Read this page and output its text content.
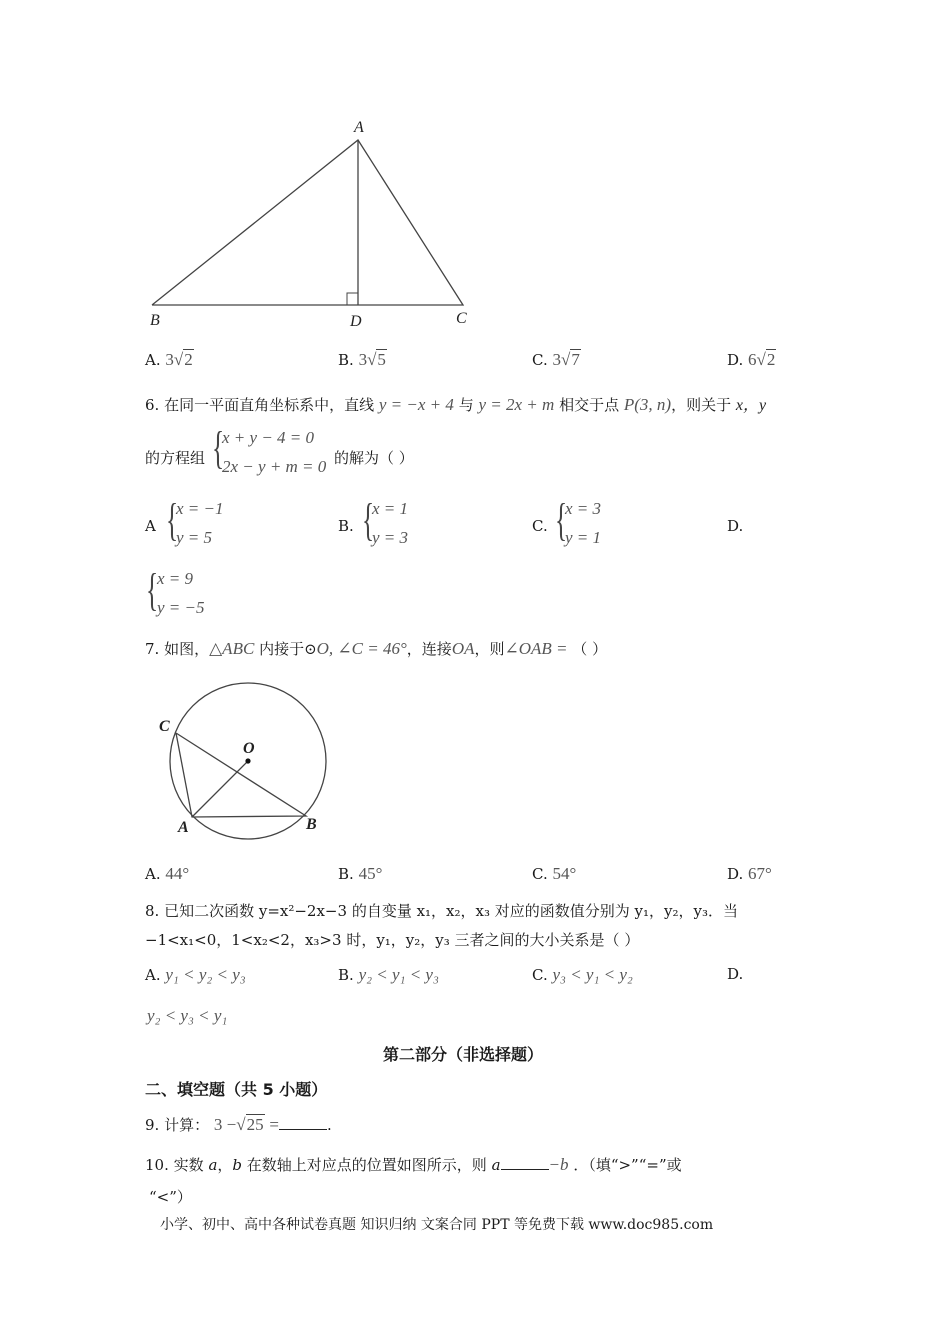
A
B	D	C
A. 3√2	B. 3√5	C. 3√7	D. 6√2
6. 在同一平面直角坐标系中，直线 y = −x + 4 与 y = 2x + m 相交于点 P(3, n)，则关于 x，y
的方程组 {
x + y − 4 = 0
2x − y + m = 0 的解为（ ）
A {
x = −1
y = 5
B. {
x = 1
y = 3
C. {
x = 3
y = 1
D.
{
x = 9
y = −5
7. 如图，△ABC 内接于⊙O, ∠C = 46°，连接OA，则∠OAB = （ ）
C
O
A	B
A. 44°	B. 45°	C. 54°	D. 67°
8. 已知二次函数 y=x²−2x−3 的自变量 x₁，x₂，x₃ 对应的函数值分别为 y₁，y₂，y₃．当
−1<x₁<0，1<x₂<2，x₃>3 时，y₁，y₂，y₃ 三者之间的大小关系是（ ）
A. y₁ < y₂ < y₃	B. y₂ < y₁ < y₃	C. y₃ < y₁ < y₂	D.
y₂ < y₃ < y₁
第二部分（非选择题）
二、填空题（共 5 小题）
9. 计算： 3 −√25 =	.
10. 实数 a，b 在数轴上对应点的位置如图所示，则 a	−b ．（填“>”“=”或
“<”）
小学、初中、高中各种试卷真题 知识归纳 文案合同 PPT 等免费下载 www.doc985.com
